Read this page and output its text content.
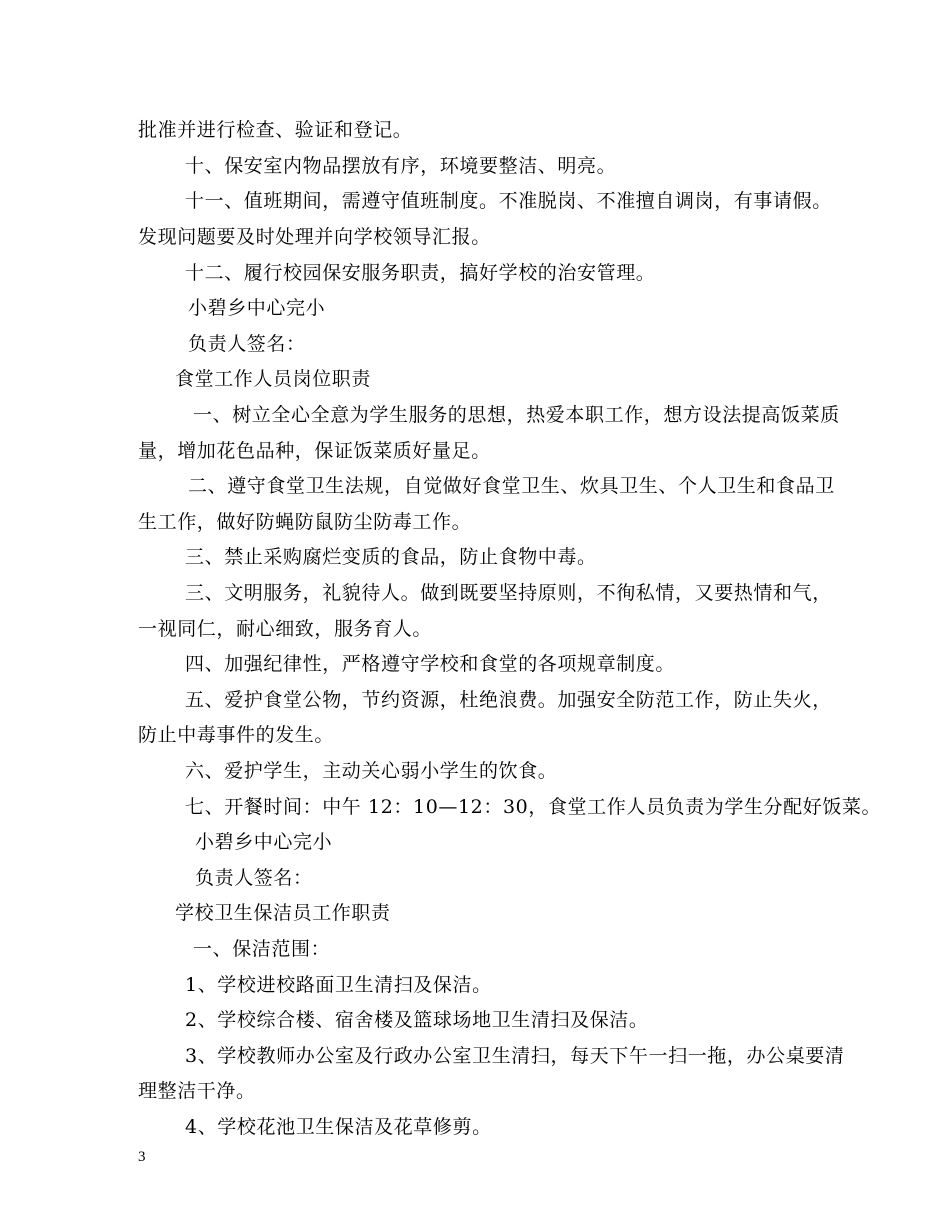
批准并进行检查、验证和登记。
十、保安室内物品摆放有序，环境要整洁、明亮。
十一、值班期间，需遵守值班制度。不准脱岗、不准擅自调岗，有事请假。
发现问题要及时处理并向学校领导汇报。
十二、履行校园保安服务职责，搞好学校的治安管理。
小碧乡中心完小
负责人签名：
食堂工作人员岗位职责
一、树立全心全意为学生服务的思想，热爱本职工作，想方设法提高饭菜质
量，增加花色品种，保证饭菜质好量足。
二、遵守食堂卫生法规，自觉做好食堂卫生、炊具卫生、个人卫生和食品卫
生工作，做好防蝇防鼠防尘防毒工作。
三、禁止采购腐烂变质的食品，防止食物中毒。
三、文明服务，礼貌待人。做到既要坚持原则，不徇私情，又要热情和气，
一视同仁，耐心细致，服务育人。
四、加强纪律性，严格遵守学校和食堂的各项规章制度。
五、爱护食堂公物，节约资源，杜绝浪费。加强安全防范工作，防止失火，
防止中毒事件的发生。
六、爱护学生，主动关心弱小学生的饮食。
七、开餐时间：中午 12：10—12：30，食堂工作人员负责为学生分配好饭菜。
小碧乡中心完小
负责人签名：
学校卫生保洁员工作职责
一、保洁范围：
1、学校进校路面卫生清扫及保洁。
2、学校综合楼、宿舍楼及篮球场地卫生清扫及保洁。
3、学校教师办公室及行政办公室卫生清扫，每天下午一扫一拖，办公桌要清
理整洁干净。
4、学校花池卫生保洁及花草修剪。
3
